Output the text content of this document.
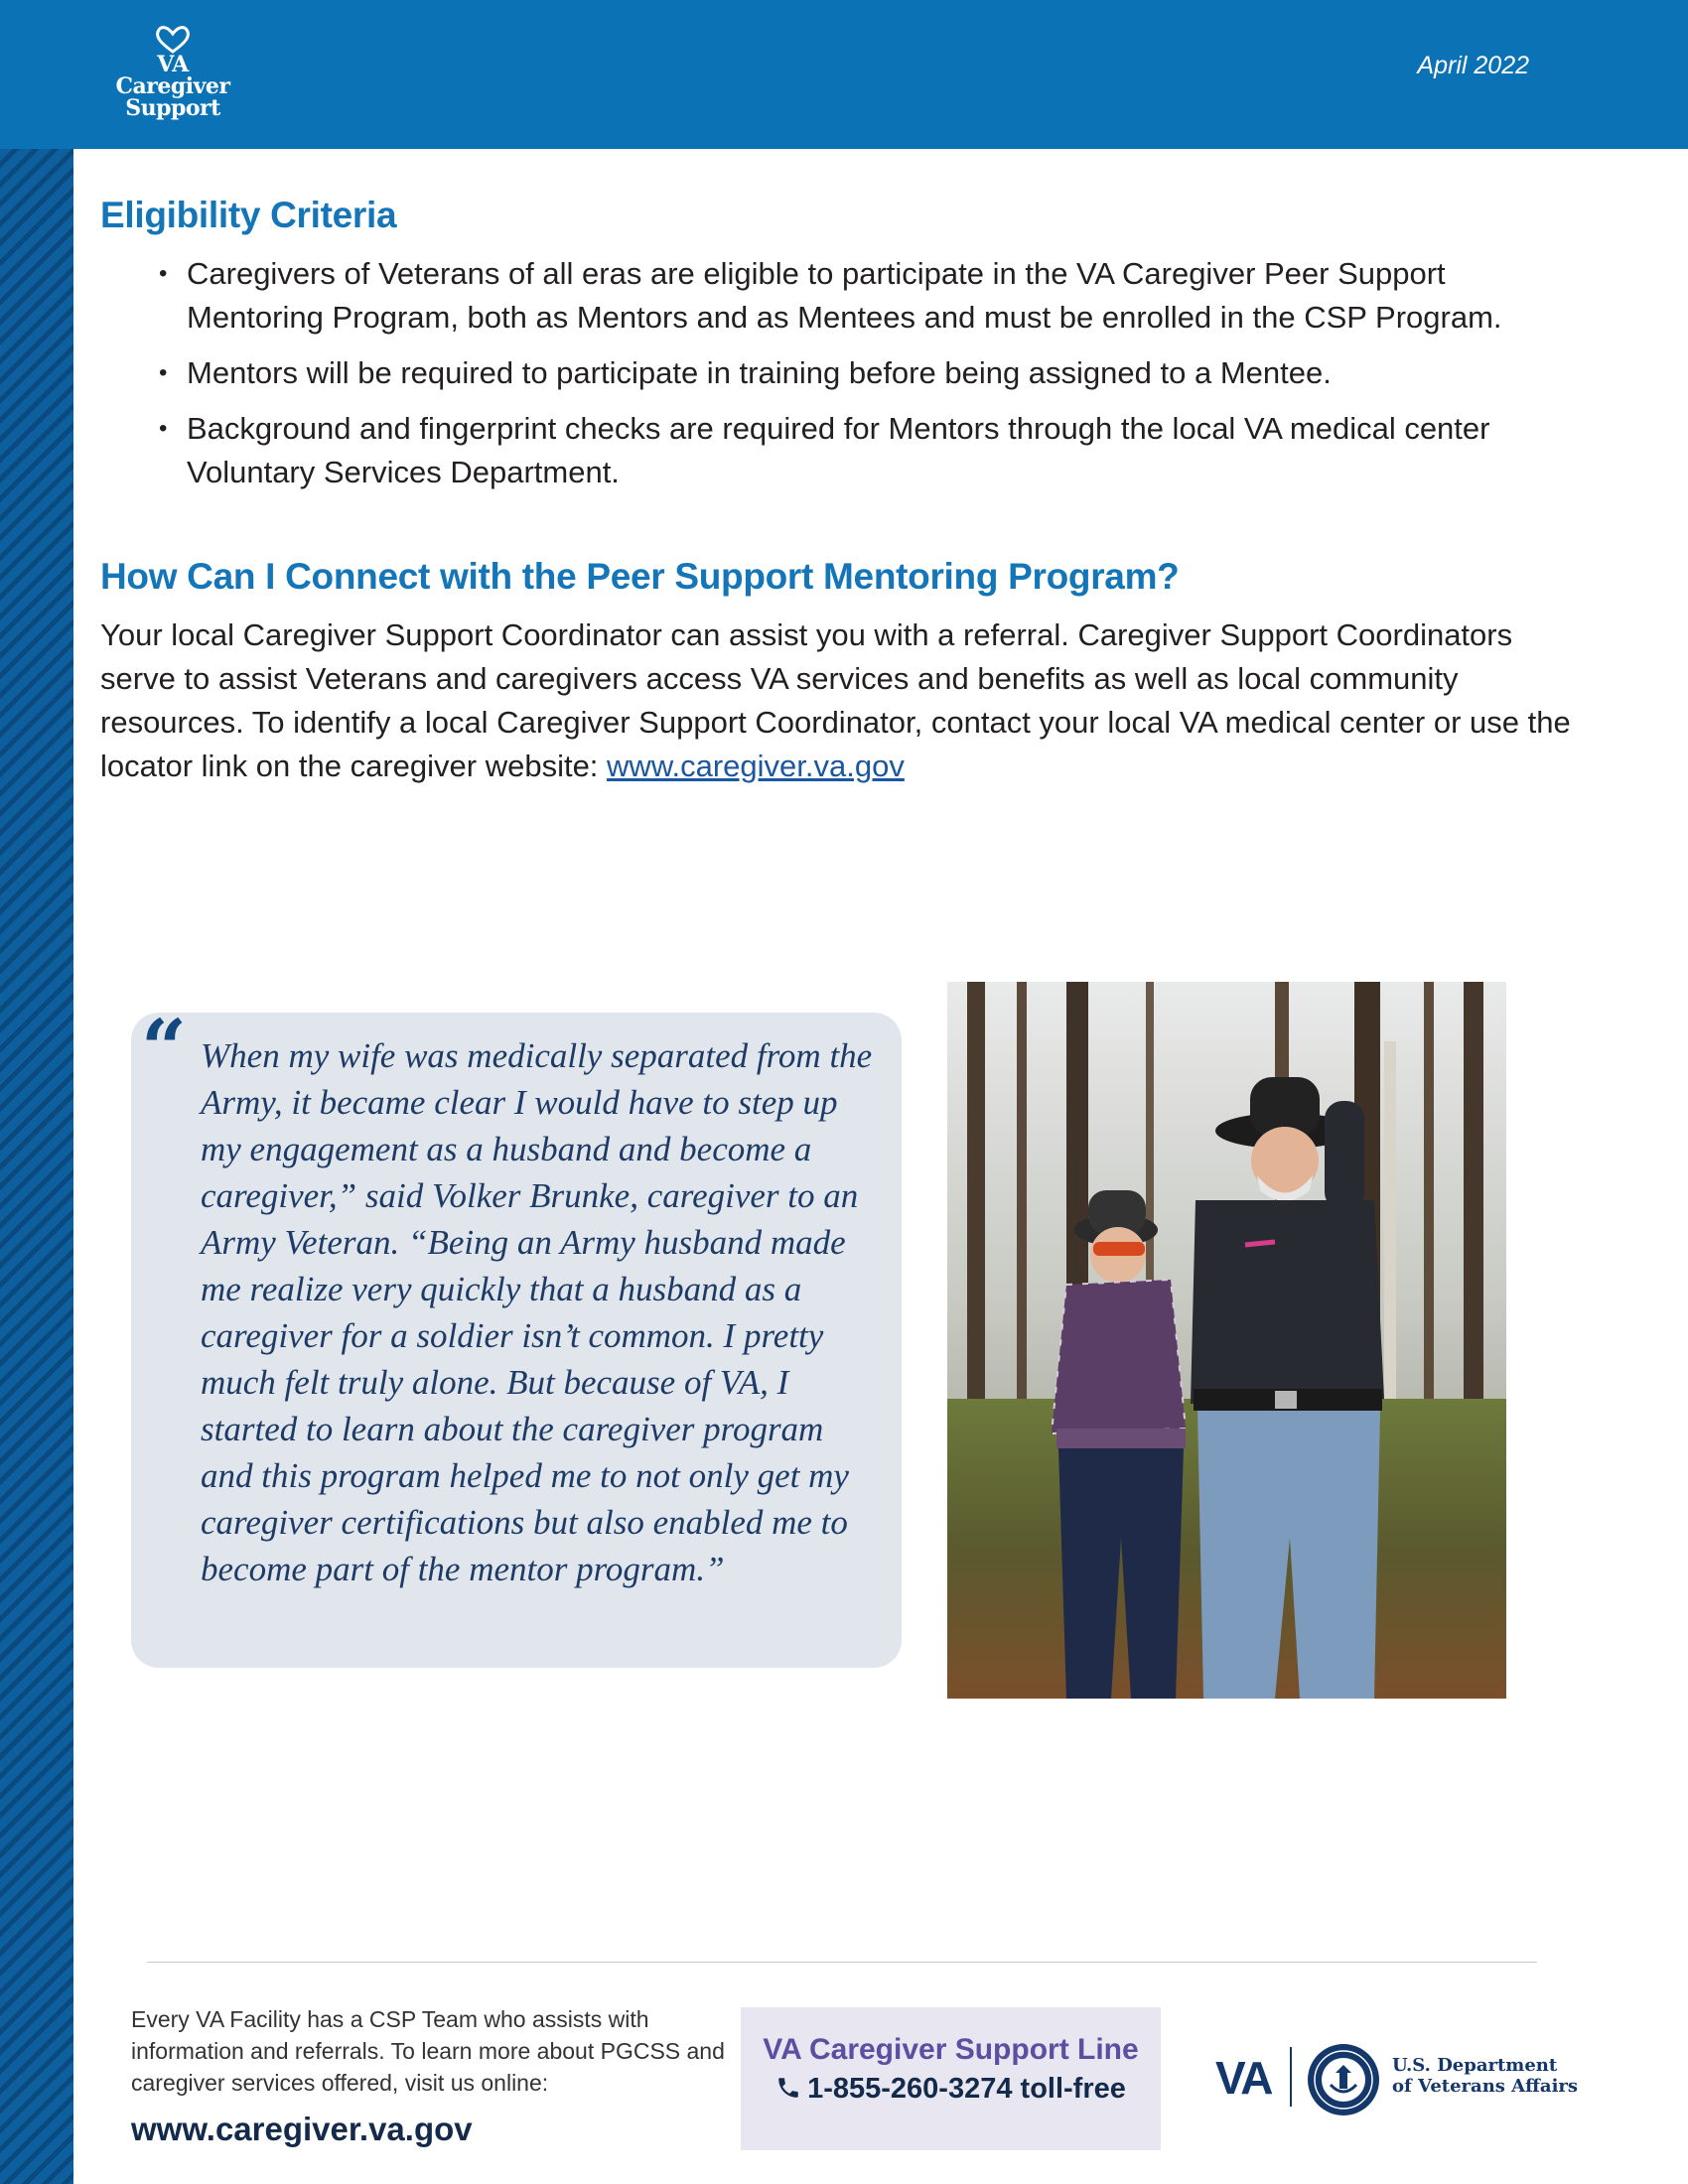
VA
Caregiver
Support
April 2022
Eligibility Criteria
• Caregivers of Veterans of all eras are eligible to participate in the VA Caregiver Peer Support Mentoring Program, both as Mentors and as Mentees and must be enrolled in the CSP Program.
• Mentors will be required to participate in training before being assigned to a Mentee.
• Background and fingerprint checks are required for Mentors through the local VA medical center Voluntary Services Department.
How Can I Connect with the Peer Support Mentoring Program?

Your local Caregiver Support Coordinator can assist you with a referral. Caregiver Support Coordinators serve to assist Veterans and caregivers access VA services and benefits as well as local community resources. To identify a local Caregiver Support Coordinator, contact your local VA medical center or use the locator link on the caregiver website: www.caregiver.va.gov

“ When my wife was medically separated from the Army, it became clear I would have to step up my engagement as a husband and become a caregiver,” said Volker Brunke, caregiver to an Army Veteran. “Being an Army husband made me realize very quickly that a husband as a caregiver for a soldier isn’t common. I pretty much felt truly alone. But because of VA, I started to learn about the caregiver program and this program helped me to not only get my caregiver certifications but also enabled me to become part of the mentor program.”

Every VA Facility has a CSP Team who assists with information and referrals. To learn more about PGCSS and caregiver services offered, visit us online:
www.caregiver.va.gov
VA Caregiver Support Line
1-855-260-3274 toll-free	VA	U.S. Department
of Veterans Affairs
